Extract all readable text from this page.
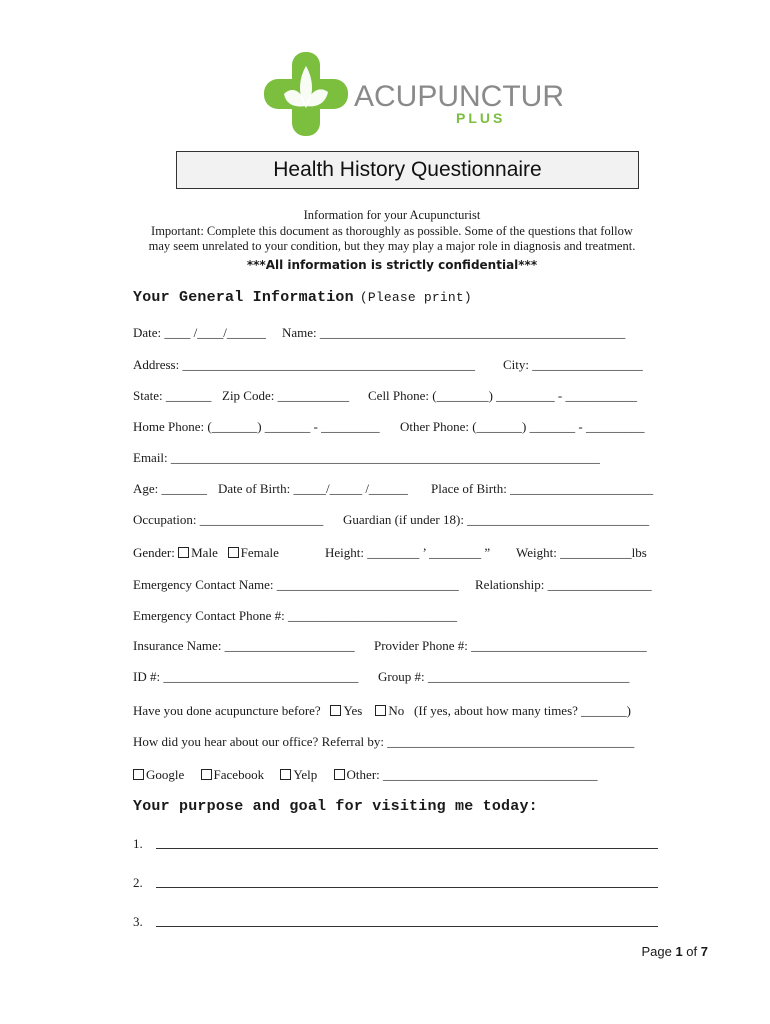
ACUPUNCTURE
PLUS
Health History Questionnaire
Information for your Acupuncturist
Important: Complete this document as thoroughly as possible. Some of the questions that follow
may seem unrelated to your condition, but they may play a major role in diagnosis and treatment.
***All information is strictly confidential***
Your General Information (Please print)
Date: ____ /____/______ Name: _______________________________________________
Address: _____________________________________________ City: _________________
State: _______ Zip Code: ___________ Cell Phone: (________) _________ - ___________
Home Phone: (_______) _______ - _________ Other Phone: (_______) _______ - _________
Email: __________________________________________________________________
Age: _______ Date of Birth: _____/_____ /______ Place of Birth: ______________________
Occupation: ___________________ Guardian (if under 18): ____________________________
Gender: Male Female	Height: ________ ’ ________ ” Weight: ___________lbs
Emergency Contact Name: ____________________________ Relationship: ________________
Emergency Contact Phone #: __________________________
Insurance Name: ____________________ Provider Phone #: ___________________________
ID #: ______________________________ Group #: _______________________________
Have you done acupuncture before? Yes No (If yes, about how many times? _______)
How did you hear about our office? Referral by: ______________________________________
Google Facebook Yelp Other: _________________________________
Your purpose and goal for visiting me today:
1.
2.
3.
Page 1 of 7
